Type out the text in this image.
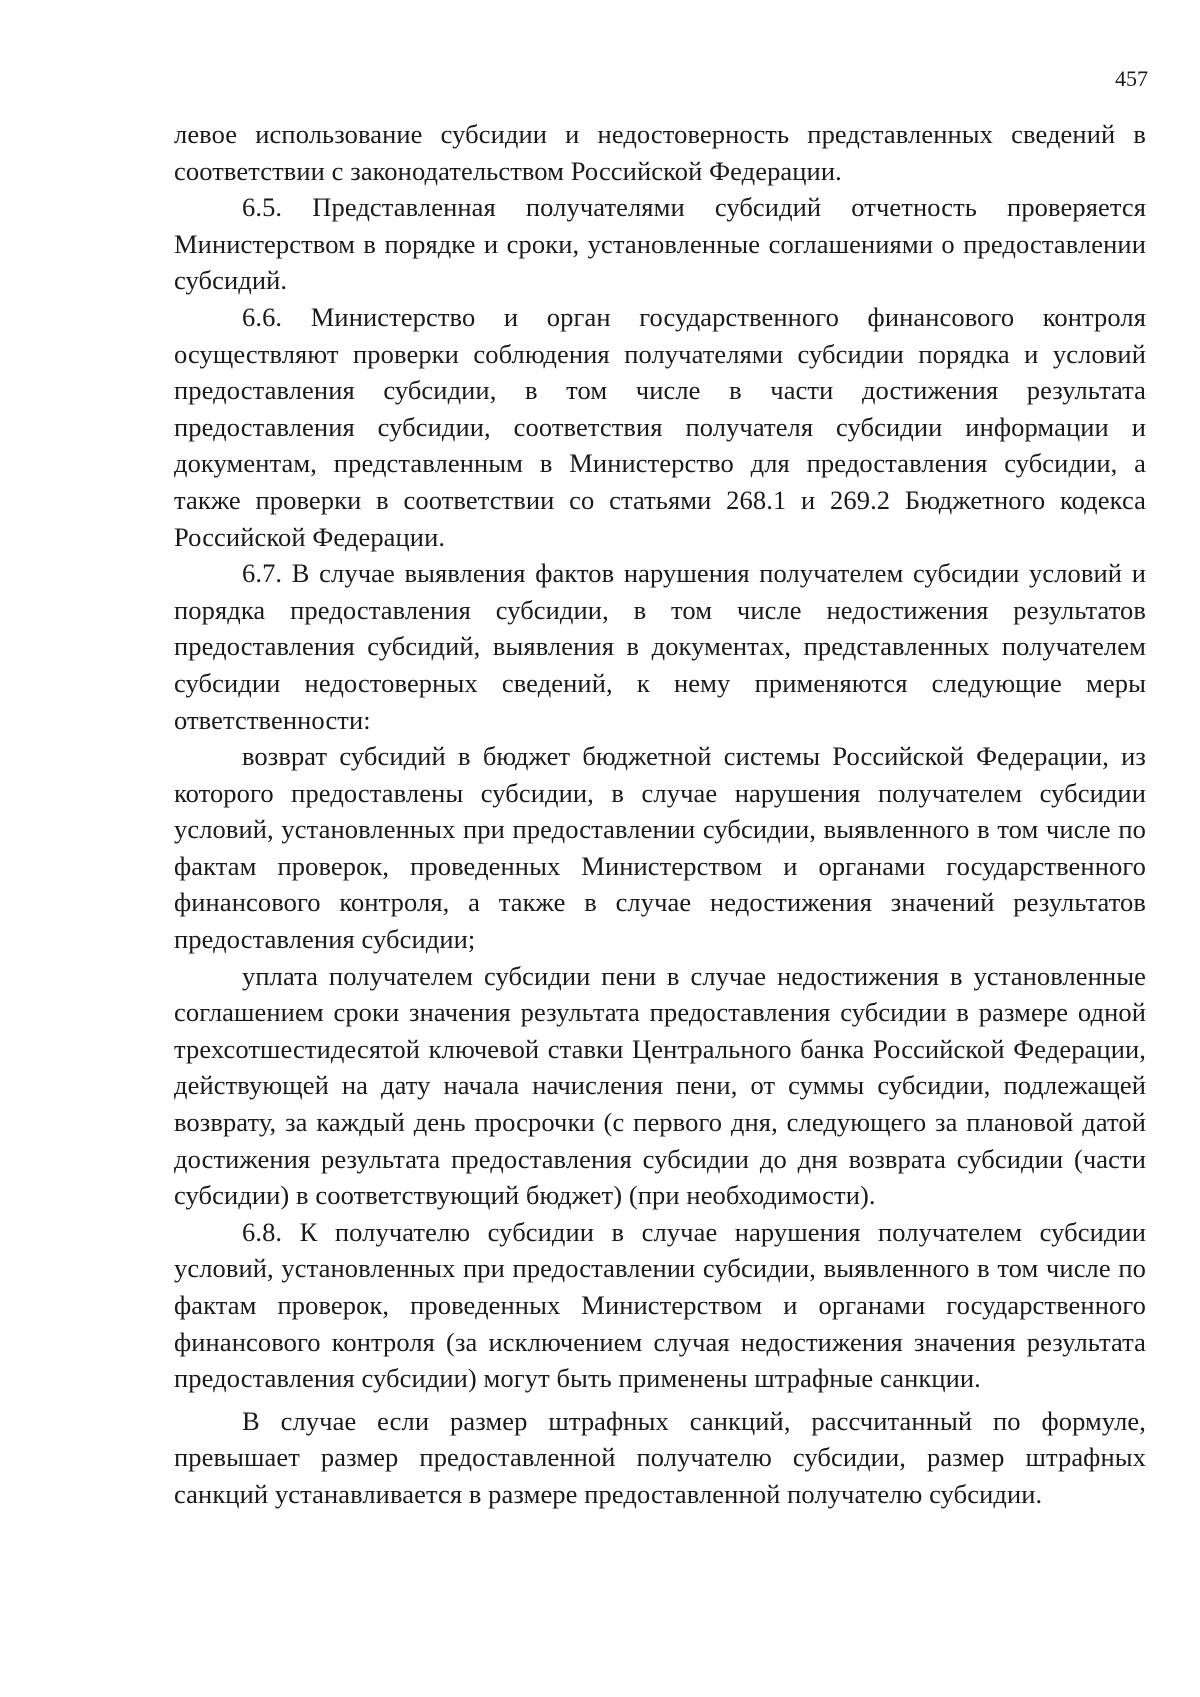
457

левое использование субсидии и недостоверность представленных сведений в соответствии с законодательством Российской Федерации.

6.5. Представленная получателями субсидий отчетность проверяется Министерством в порядке и сроки, установленные соглашениями о предоставлении субсидий.

6.6. Министерство и орган государственного финансового контроля осуществляют проверки соблюдения получателями субсидии порядка и условий предоставления субсидии, в том числе в части достижения результата предоставления субсидии, соответствия получателя субсидии информации и документам, представленным в Министерство для предоставления субсидии, а также проверки в соответствии со статьями 268.1 и 269.2 Бюджетного кодекса Российской Федерации.

6.7. В случае выявления фактов нарушения получателем субсидии условий и порядка предоставления субсидии, в том числе недостижения результатов предоставления субсидий, выявления в документах, представленных получателем субсидии недостоверных сведений, к нему применяются следующие меры ответственности:

возврат субсидий в бюджет бюджетной системы Российской Федерации, из которого предоставлены субсидии, в случае нарушения получателем субсидии условий, установленных при предоставлении субсидии, выявленного в том числе по фактам проверок, проведенных Министерством и органами государственного финансового контроля, а также в случае недостижения значений результатов предоставления субсидии;

уплата получателем субсидии пени в случае недостижения в установленные соглашением сроки значения результата предоставления субсидии в размере одной трехсотшестидесятой ключевой ставки Центрального банка Российской Федерации, действующей на дату начала начисления пени, от суммы субсидии, подлежащей возврату, за каждый день просрочки (с первого дня, следующего за плановой датой достижения результата предоставления субсидии до дня возврата субсидии (части субсидии) в соответствующий бюджет) (при необходимости).

6.8. К получателю субсидии в случае нарушения получателем субсидии условий, установленных при предоставлении субсидии, выявленного в том числе по фактам проверок, проведенных Министерством и органами государственного финансового контроля (за исключением случая недостижения значения результата предоставления субсидии) могут быть применены штрафные санкции.

В случае если размер штрафных санкций, рассчитанный по формуле, превышает размер предоставленной получателю субсидии, размер штрафных санкций устанавливается в размере предоставленной получателю субсидии.
